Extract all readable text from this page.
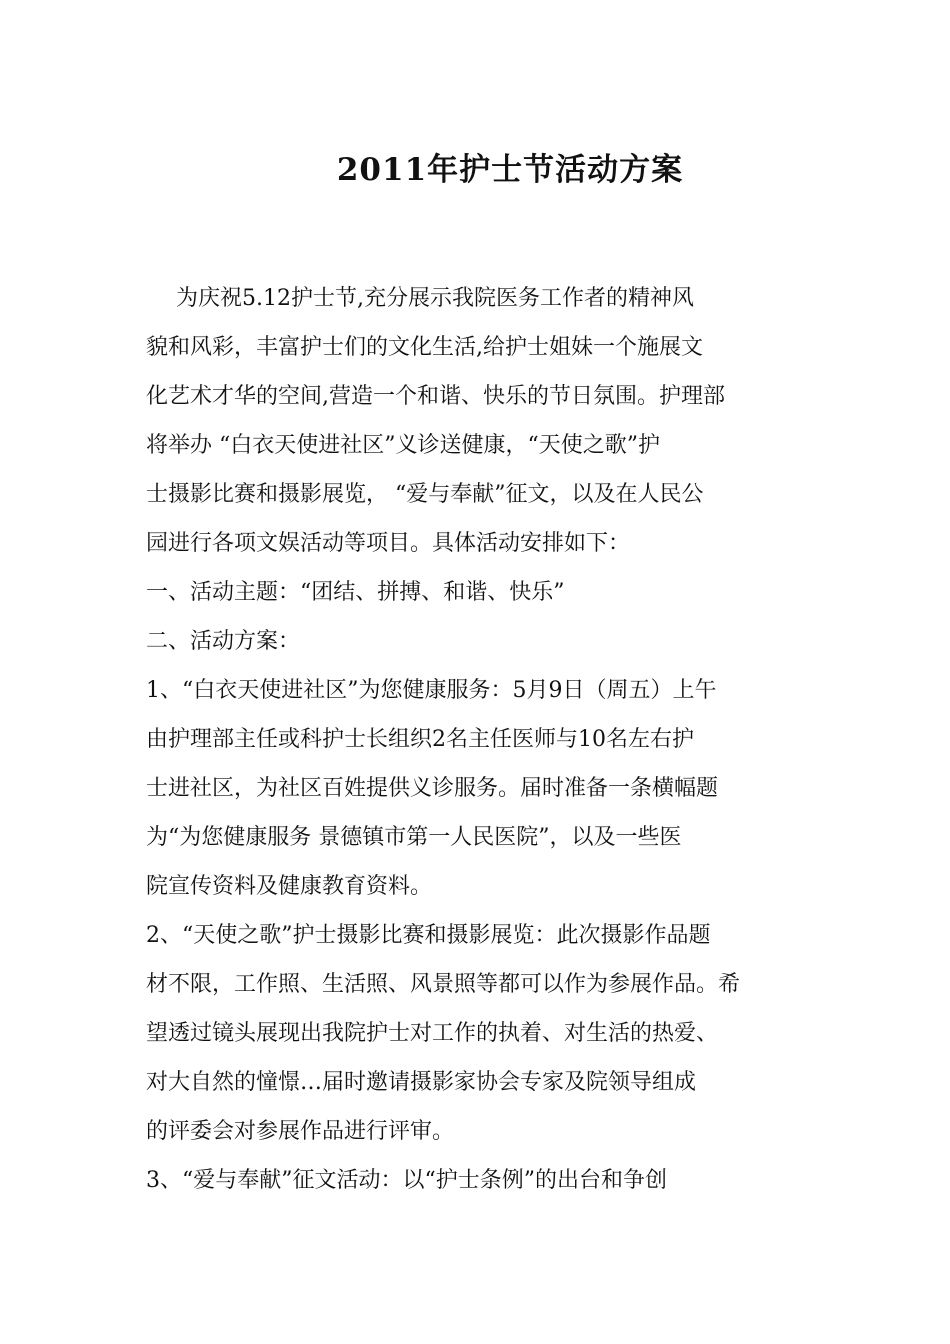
2011年护士节活动方案
为庆祝5.12护士节,充分展示我院医务工作者的精神风
貌和风彩，丰富护士们的文化生活,给护士姐妹一个施展文
化艺术才华的空间,营造一个和谐、快乐的节日氛围。护理部
将举办 “白衣天使进社区”义诊送健康，“天使之歌”护
士摄影比赛和摄影展览， “爱与奉献”征文，以及在人民公
园进行各项文娱活动等项目。具体活动安排如下：
一、活动主题：“团结、拼搏、和谐、快乐”
二、活动方案：
1、“白衣天使进社区”为您健康服务：5月9日（周五）上午
由护理部主任或科护士长组织2名主任医师与10名左右护
士进社区，为社区百姓提供义诊服务。届时准备一条横幅题
为“为您健康服务 景德镇市第一人民医院”，以及一些医
院宣传资料及健康教育资料。
2、“天使之歌”护士摄影比赛和摄影展览：此次摄影作品题
材不限，工作照、生活照、风景照等都可以作为参展作品。希
望透过镜头展现出我院护士对工作的执着、对生活的热爱、
对大自然的憧憬…届时邀请摄影家协会专家及院领导组成
的评委会对参展作品进行评审。
3、“爱与奉献”征文活动：以“护士条例”的出台和争创
